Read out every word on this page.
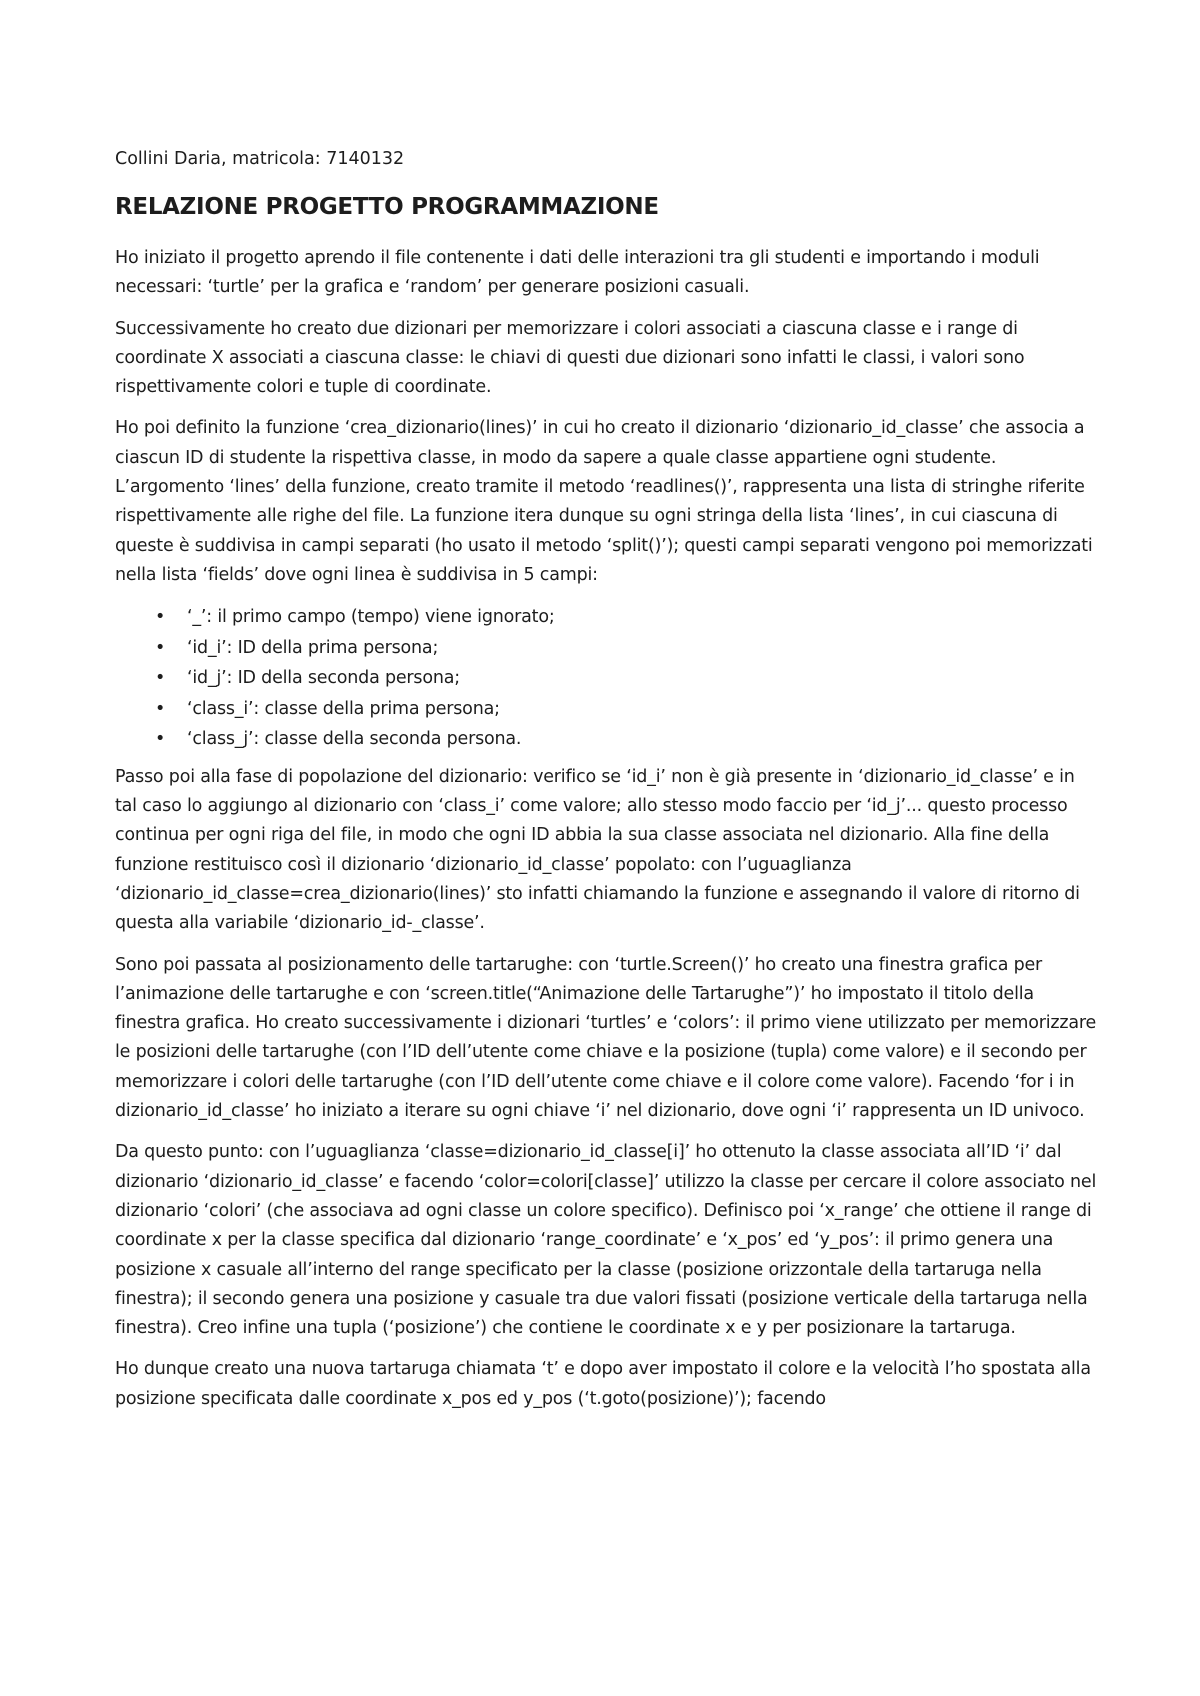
Collini Daria, matricola: 7140132

RELAZIONE PROGETTO PROGRAMMAZIONE

Ho iniziato il progetto aprendo il file contenente i dati delle interazioni tra gli studenti e importando i moduli necessari: ‘turtle’ per la grafica e ‘random’ per generare posizioni casuali.

Successivamente ho creato due dizionari per memorizzare i colori associati a ciascuna classe e i range di coordinate X associati a ciascuna classe: le chiavi di questi due dizionari sono infatti le classi, i valori sono rispettivamente colori e tuple di coordinate.

Ho poi definito la funzione ‘crea_dizionario(lines)’ in cui ho creato il dizionario ‘dizionario_id_classe’ che associa a ciascun ID di studente la rispettiva classe, in modo da sapere a quale classe appartiene ogni studente. L’argomento ‘lines’ della funzione, creato tramite il metodo ‘readlines()’, rappresenta una lista di stringhe riferite rispettivamente alle righe del file. La funzione itera dunque su ogni stringa della lista ‘lines’, in cui ciascuna di queste è suddivisa in campi separati (ho usato il metodo ‘split()’); questi campi separati vengono poi memorizzati nella lista ‘fields’ dove ogni linea è suddivisa in 5 campi:

• ‘_’: il primo campo (tempo) viene ignorato;
• ‘id_i’: ID della prima persona;
• ‘id_j’: ID della seconda persona;
• ‘class_i’: classe della prima persona;
• ‘class_j’: classe della seconda persona.

Passo poi alla fase di popolazione del dizionario: verifico se ‘id_i’ non è già presente in ‘dizionario_id_classe’ e in tal caso lo aggiungo al dizionario con ‘class_i’ come valore; allo stesso modo faccio per ‘id_j’... questo processo continua per ogni riga del file, in modo che ogni ID abbia la sua classe associata nel dizionario. Alla fine della funzione restituisco così il dizionario ‘dizionario_id_classe’ popolato: con l’uguaglianza ‘dizionario_id_classe=crea_dizionario(lines)’ sto infatti chiamando la funzione e assegnando il valore di ritorno di questa alla variabile ‘dizionario_id-_classe’.

Sono poi passata al posizionamento delle tartarughe: con ‘turtle.Screen()’ ho creato una finestra grafica per l’animazione delle tartarughe e con ‘screen.title(“Animazione delle Tartarughe”)’ ho impostato il titolo della finestra grafica. Ho creato successivamente i dizionari ‘turtles’ e ‘colors’: il primo viene utilizzato per memorizzare le posizioni delle tartarughe (con l’ID dell’utente come chiave e la posizione (tupla) come valore) e il secondo per memorizzare i colori delle tartarughe (con l’ID dell’utente come chiave e il colore come valore). Facendo ‘for i in dizionario_id_classe’ ho iniziato a iterare su ogni chiave ‘i’ nel dizionario, dove ogni ‘i’ rappresenta un ID univoco.

Da questo punto: con l’uguaglianza ‘classe=dizionario_id_classe[i]’ ho ottenuto la classe associata all’ID ‘i’ dal dizionario ‘dizionario_id_classe’ e facendo ‘color=colori[classe]’ utilizzo la classe per cercare il colore associato nel dizionario ‘colori’ (che associava ad ogni classe un colore specifico). Definisco poi ‘x_range’ che ottiene il range di coordinate x per la classe specifica dal dizionario ‘range_coordinate’ e ‘x_pos’ ed ‘y_pos’: il primo genera una posizione x casuale all’interno del range specificato per la classe (posizione orizzontale della tartaruga nella finestra); il secondo genera una posizione y casuale tra due valori fissati (posizione verticale della tartaruga nella finestra). Creo infine una tupla (‘posizione’) che contiene le coordinate x e y per posizionare la tartaruga.

Ho dunque creato una nuova tartaruga chiamata ‘t’ e dopo aver impostato il colore e la velocità l’ho spostata alla posizione specificata dalle coordinate x_pos ed y_pos (‘t.goto(posizione)’); facendo
